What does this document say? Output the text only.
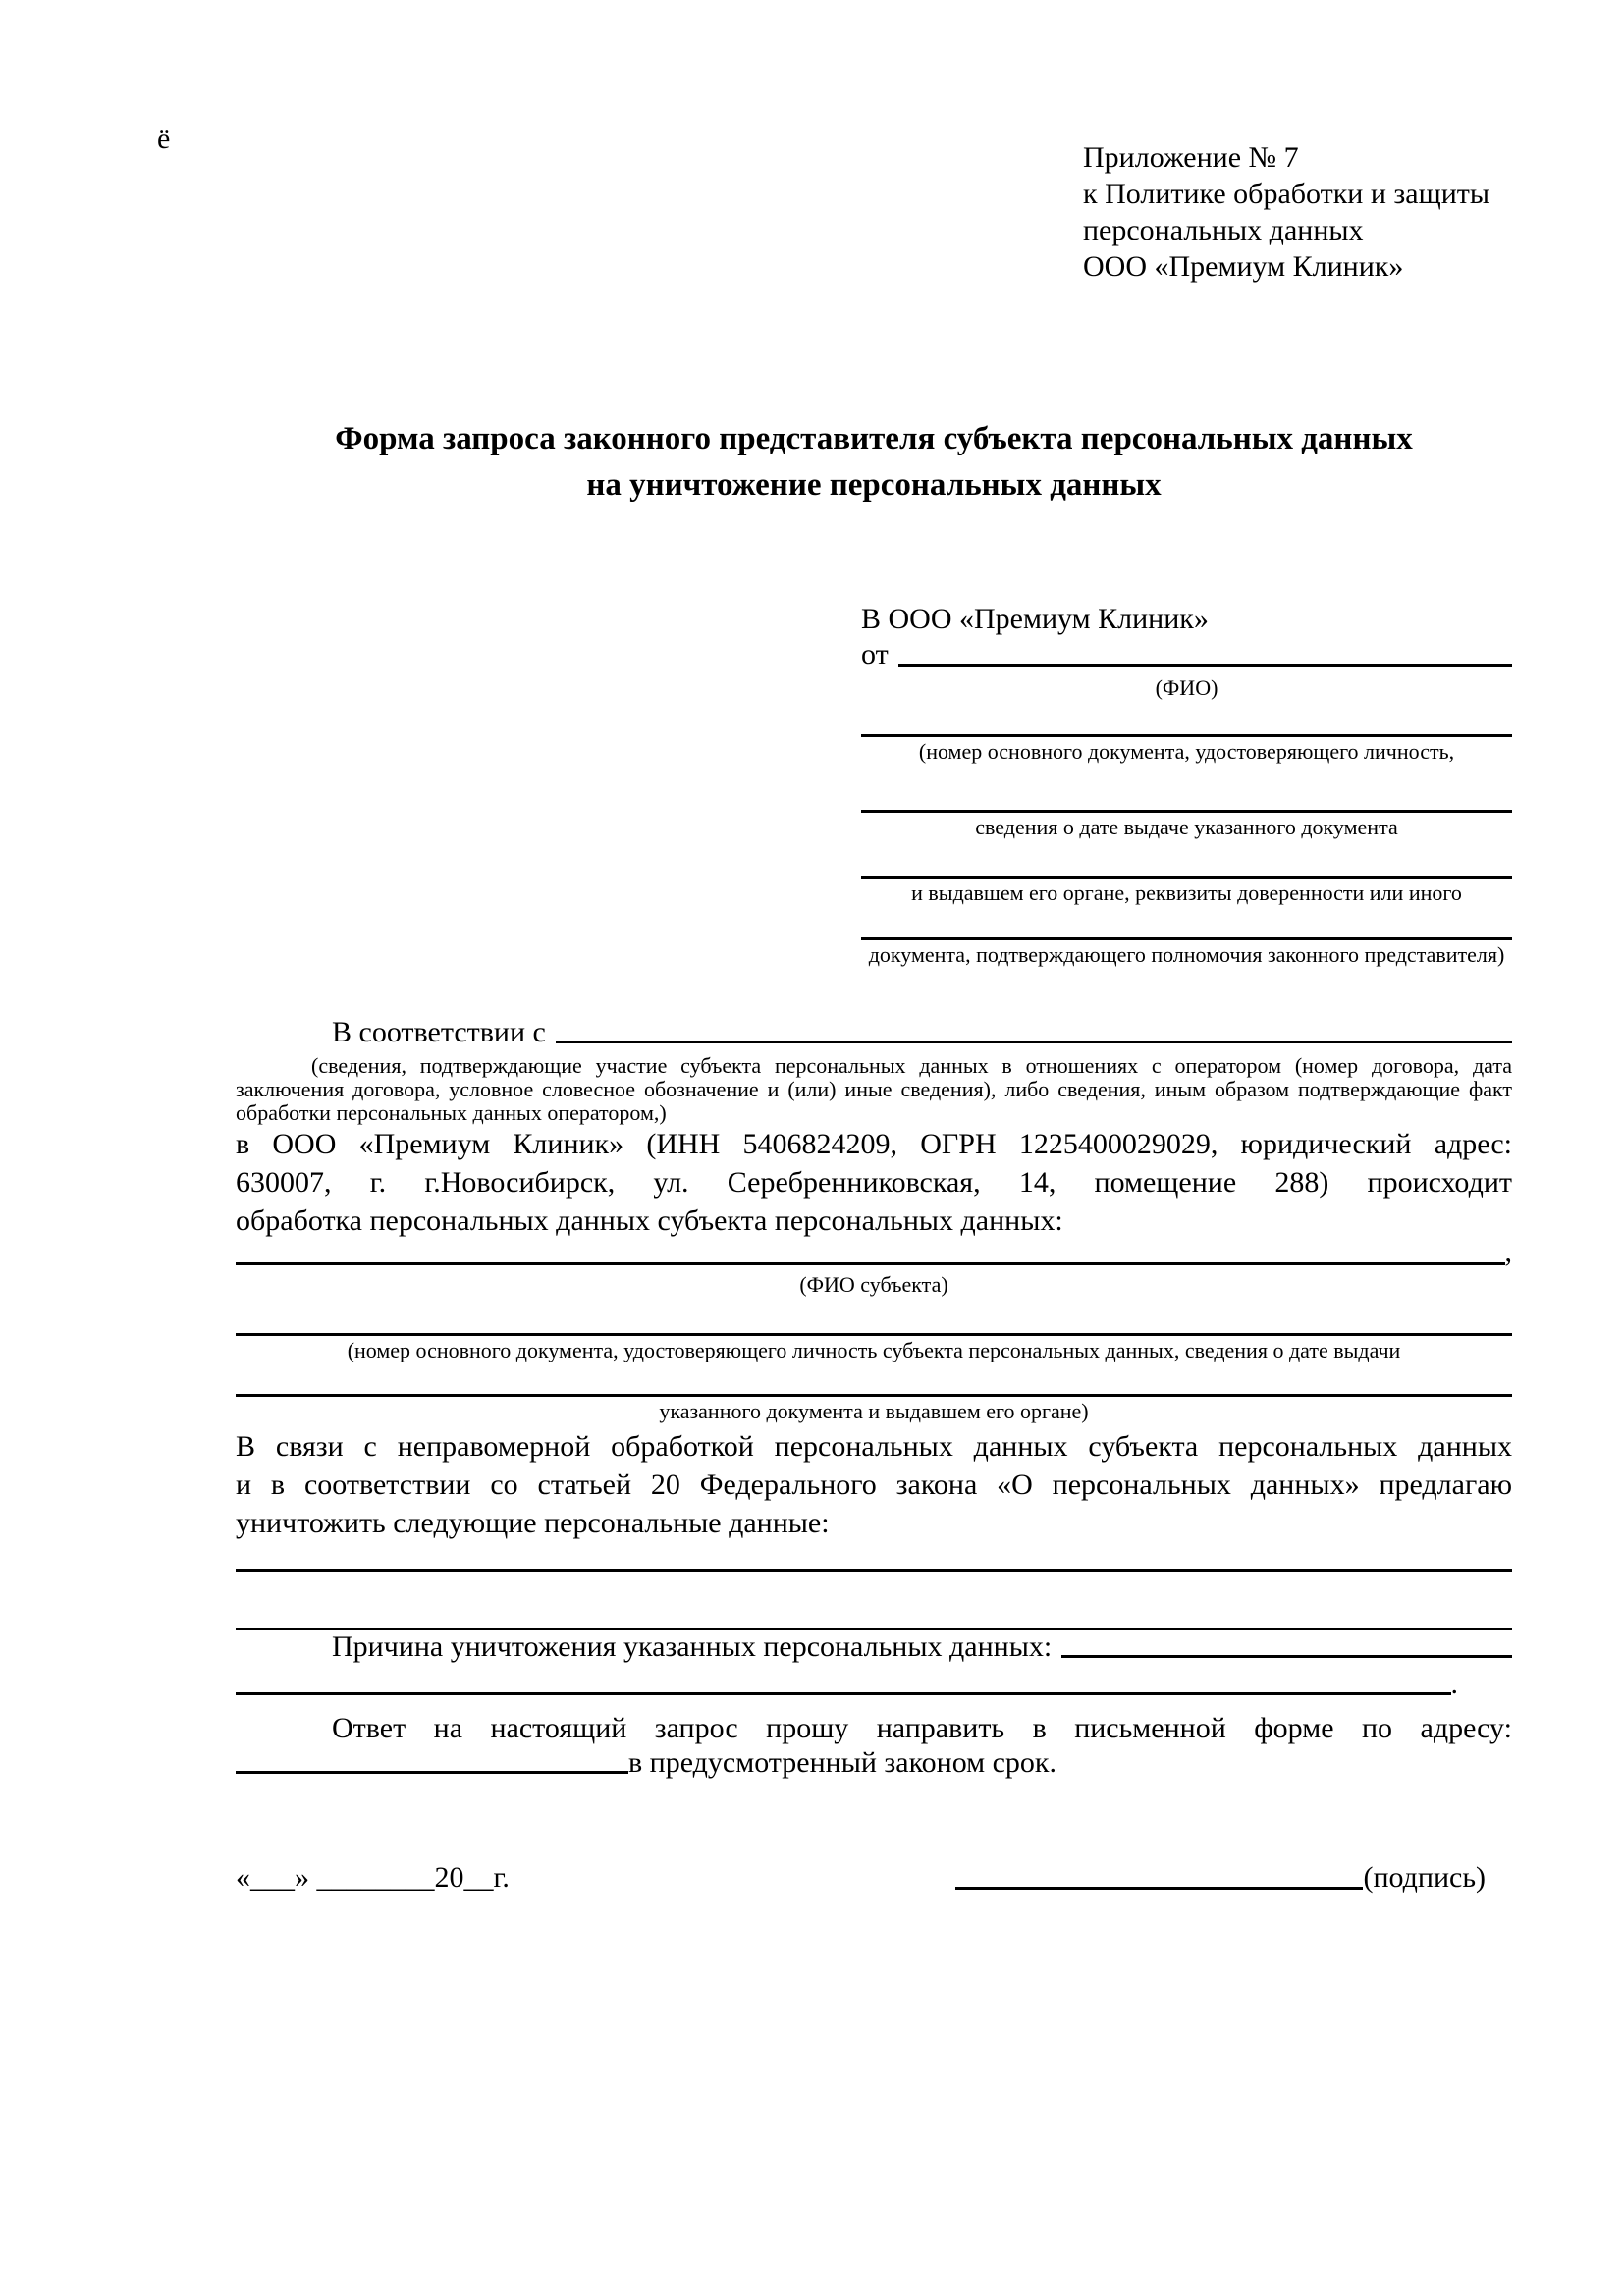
ё
Приложение № 7
к Политике обработки и защиты
персональных данных
ООО «Премиум Клиник»
Форма запроса законного представителя субъекта персональных данных
на уничтожение персональных данных
В ООО «Премиум Клиник»
от
(ФИО)
(номер основного документа, удостоверяющего личность,
сведения о дате выдаче указанного документа
и выдавшем его органе, реквизиты доверенности или иного
документа, подтверждающего полномочия законного представителя)
В соответствии с
(сведения, подтверждающие участие субъекта персональных данных в отношениях с оператором (номер договора, дата
заключения договора, условное словесное обозначение и (или) иные сведения), либо сведения, иным образом подтверждающие факт
обработки персональных данных оператором,)
в ООО «Премиум Клиник» (ИНН 5406824209, ОГРН 1225400029029, юридический адрес:
630007, г. г.Новосибирск, ул. Серебренниковская, 14, помещение 288) происходит
обработка персональных данных субъекта персональных данных:
,
(ФИО субъекта)
(номер основного документа, удостоверяющего личность субъекта персональных данных, сведения о дате выдачи
указанного документа и выдавшем его органе)
В связи с неправомерной обработкой персональных данных субъекта персональных данных
и в соответствии со статьей 20 Федерального закона «О персональных данных» предлагаю
уничтожить следующие персональные данные:
Причина уничтожения указанных персональных данных:
.
Ответ на настоящий запрос прошу направить в письменной форме по адресу:
в предусмотренный законом срок.
«___» ________20__г.	(подпись)
